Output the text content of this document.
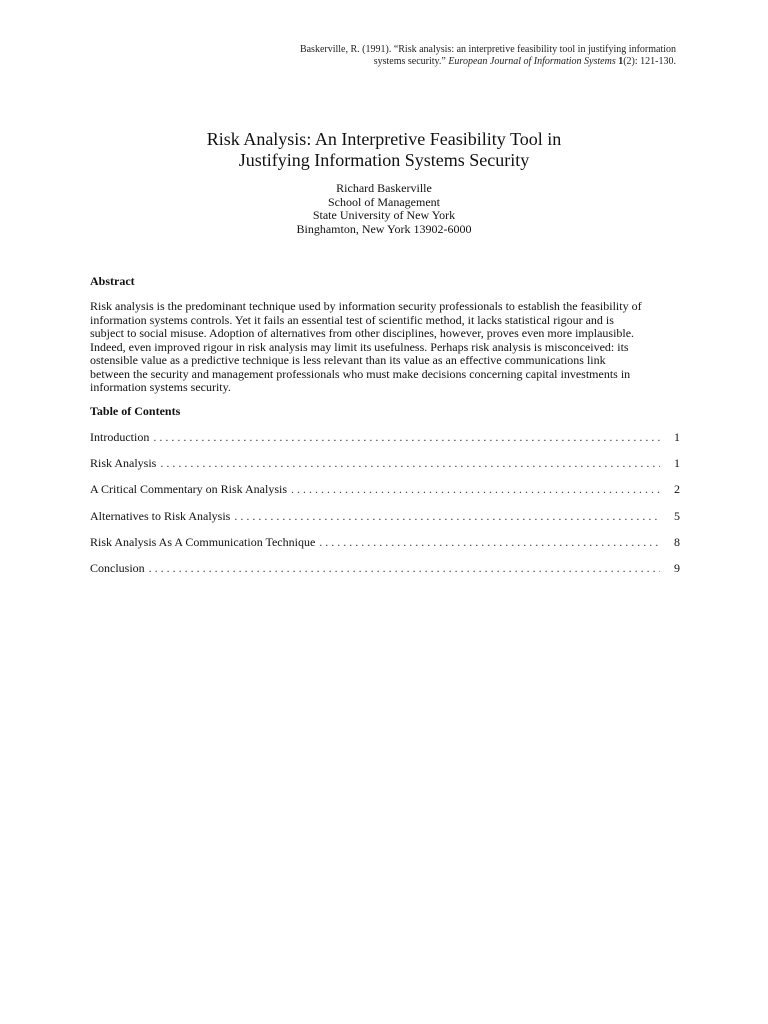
Baskerville, R. (1991). “Risk analysis: an interpretive feasibility tool in justifying information
systems security.” European Journal of Information Systems 1(2): 121-130.
Risk Analysis: An Interpretive Feasibility Tool in
Justifying Information Systems Security
Richard Baskerville
School of Management
State University of New York
Binghamton, New York 13902-6000
Abstract
Risk analysis is the predominant technique used by information security professionals to establish the feasibility of
information systems controls. Yet it fails an essential test of scientific method, it lacks statistical rigour and is
subject to social misuse. Adoption of alternatives from other disciplines, however, proves even more implausible.
Indeed, even improved rigour in risk analysis may limit its usefulness. Perhaps risk analysis is misconceived: its
ostensible value as a predictive technique is less relevant than its value as an effective communications link
between the security and management professionals who must make decisions concerning capital investments in
information systems security.
Table of Contents
Introduction . . .	1
Risk Analysis . . .	1
A Critical Commentary on Risk Analysis . . .	2
Alternatives to Risk Analysis . . .	5
Risk Analysis As A Communication Technique . . .	8
Conclusion . . .	9
